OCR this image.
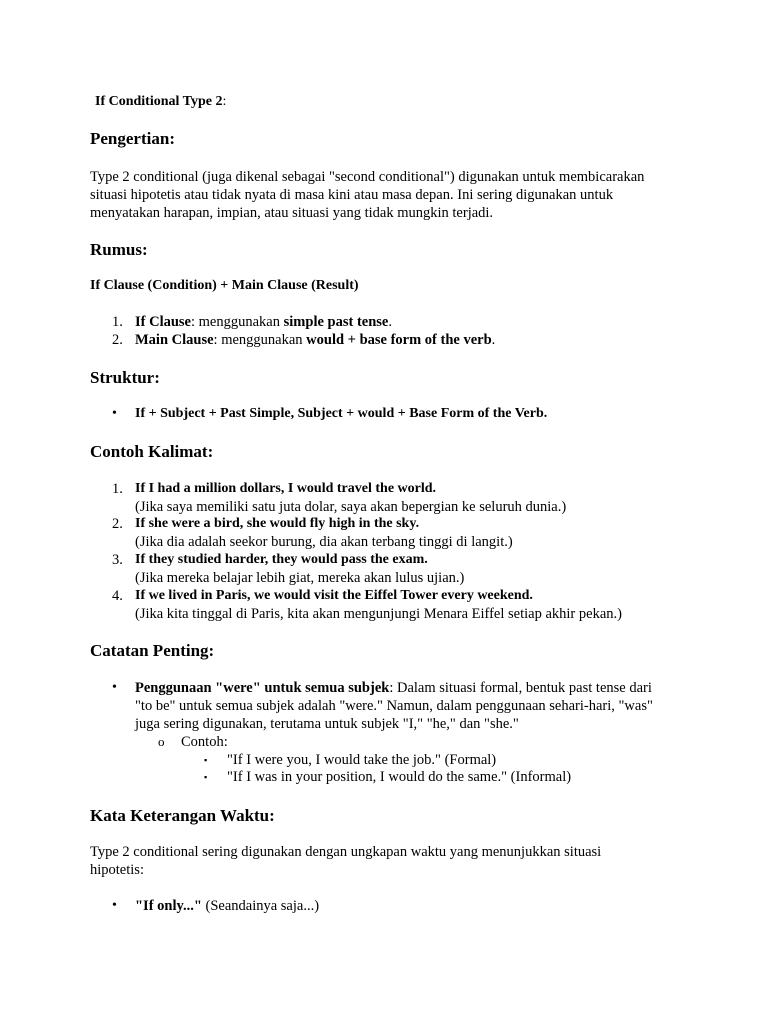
If Conditional Type 2:
Pengertian:
Type 2 conditional (juga dikenal sebagai "second conditional") digunakan untuk membicarakan
situasi hipotetis atau tidak nyata di masa kini atau masa depan. Ini sering digunakan untuk
menyatakan harapan, impian, atau situasi yang tidak mungkin terjadi.
Rumus:
If Clause (Condition) + Main Clause (Result)
1. If Clause: menggunakan simple past tense.
2. Main Clause: menggunakan would + base form of the verb.
Struktur:
• If + Subject + Past Simple, Subject + would + Base Form of the Verb.
Contoh Kalimat:
1. If I had a million dollars, I would travel the world.
(Jika saya memiliki satu juta dolar, saya akan bepergian ke seluruh dunia.)
2. If she were a bird, she would fly high in the sky.
(Jika dia adalah seekor burung, dia akan terbang tinggi di langit.)
3. If they studied harder, they would pass the exam.
(Jika mereka belajar lebih giat, mereka akan lulus ujian.)
4. If we lived in Paris, we would visit the Eiffel Tower every weekend.
(Jika kita tinggal di Paris, kita akan mengunjungi Menara Eiffel setiap akhir pekan.)
Catatan Penting:
• Penggunaan "were" untuk semua subjek: Dalam situasi formal, bentuk past tense dari
"to be" untuk semua subjek adalah "were." Namun, dalam penggunaan sehari-hari, "was"
juga sering digunakan, terutama untuk subjek "I," "he," dan "she."
o Contoh:
▪ "If I were you, I would take the job." (Formal)
▪ "If I was in your position, I would do the same." (Informal)
Kata Keterangan Waktu:
Type 2 conditional sering digunakan dengan ungkapan waktu yang menunjukkan situasi
hipotetis:
• "If only..." (Seandainya saja...)
